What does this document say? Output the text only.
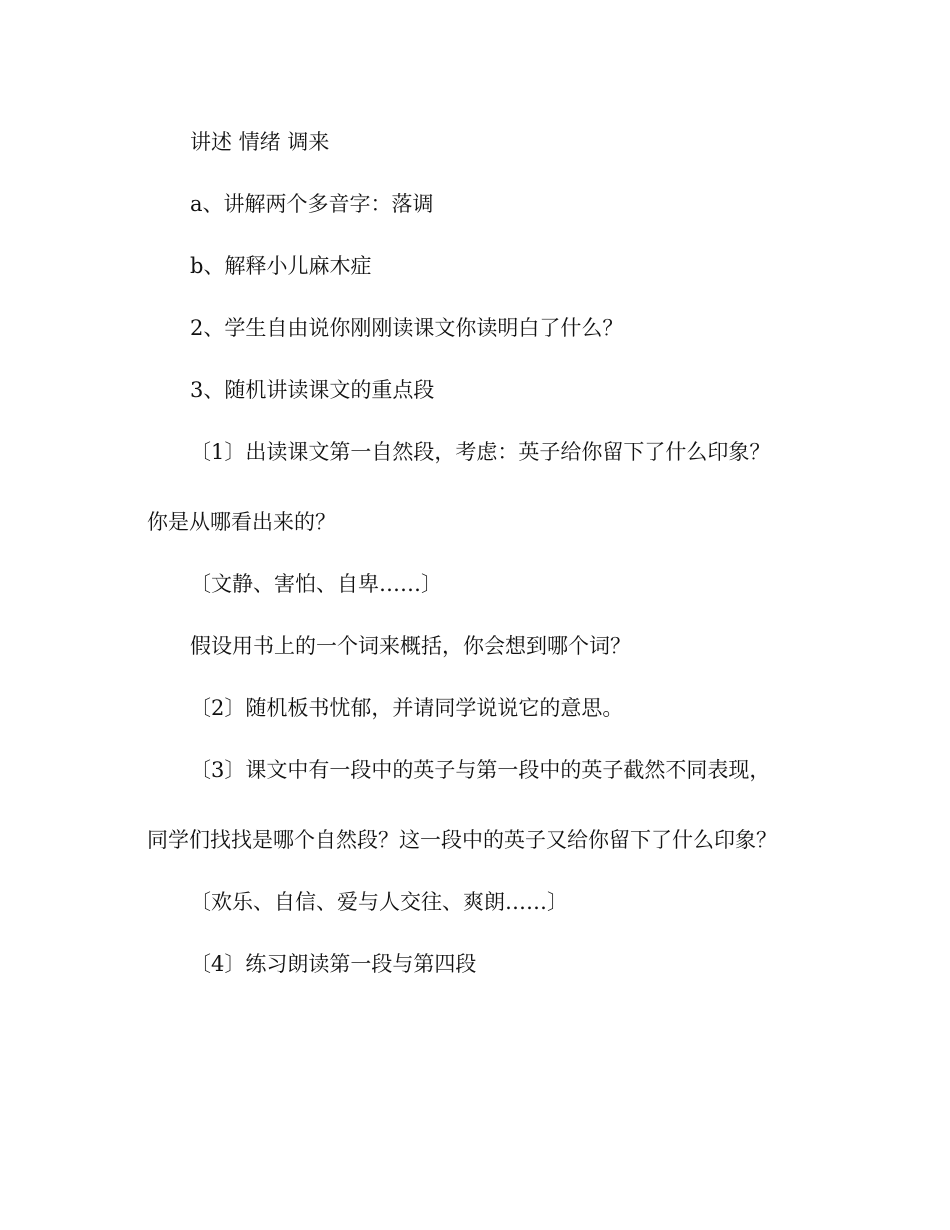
讲述 情绪 调来

a、讲解两个多音字：落调

b、解释小儿麻木症

2、学生自由说你刚刚读课文你读明白了什么？

3、随机讲读课文的重点段

〔1〕出读课文第一自然段，考虑：英子给你留下了什么印象？

你是从哪看出来的？

〔文静、害怕、自卑……〕

假设用书上的一个词来概括，你会想到哪个词？

〔2〕随机板书忧郁，并请同学说说它的意思。

〔3〕课文中有一段中的英子与第一段中的英子截然不同表现，

同学们找找是哪个自然段？这一段中的英子又给你留下了什么印象？

〔欢乐、自信、爱与人交往、爽朗……〕

〔4〕练习朗读第一段与第四段
